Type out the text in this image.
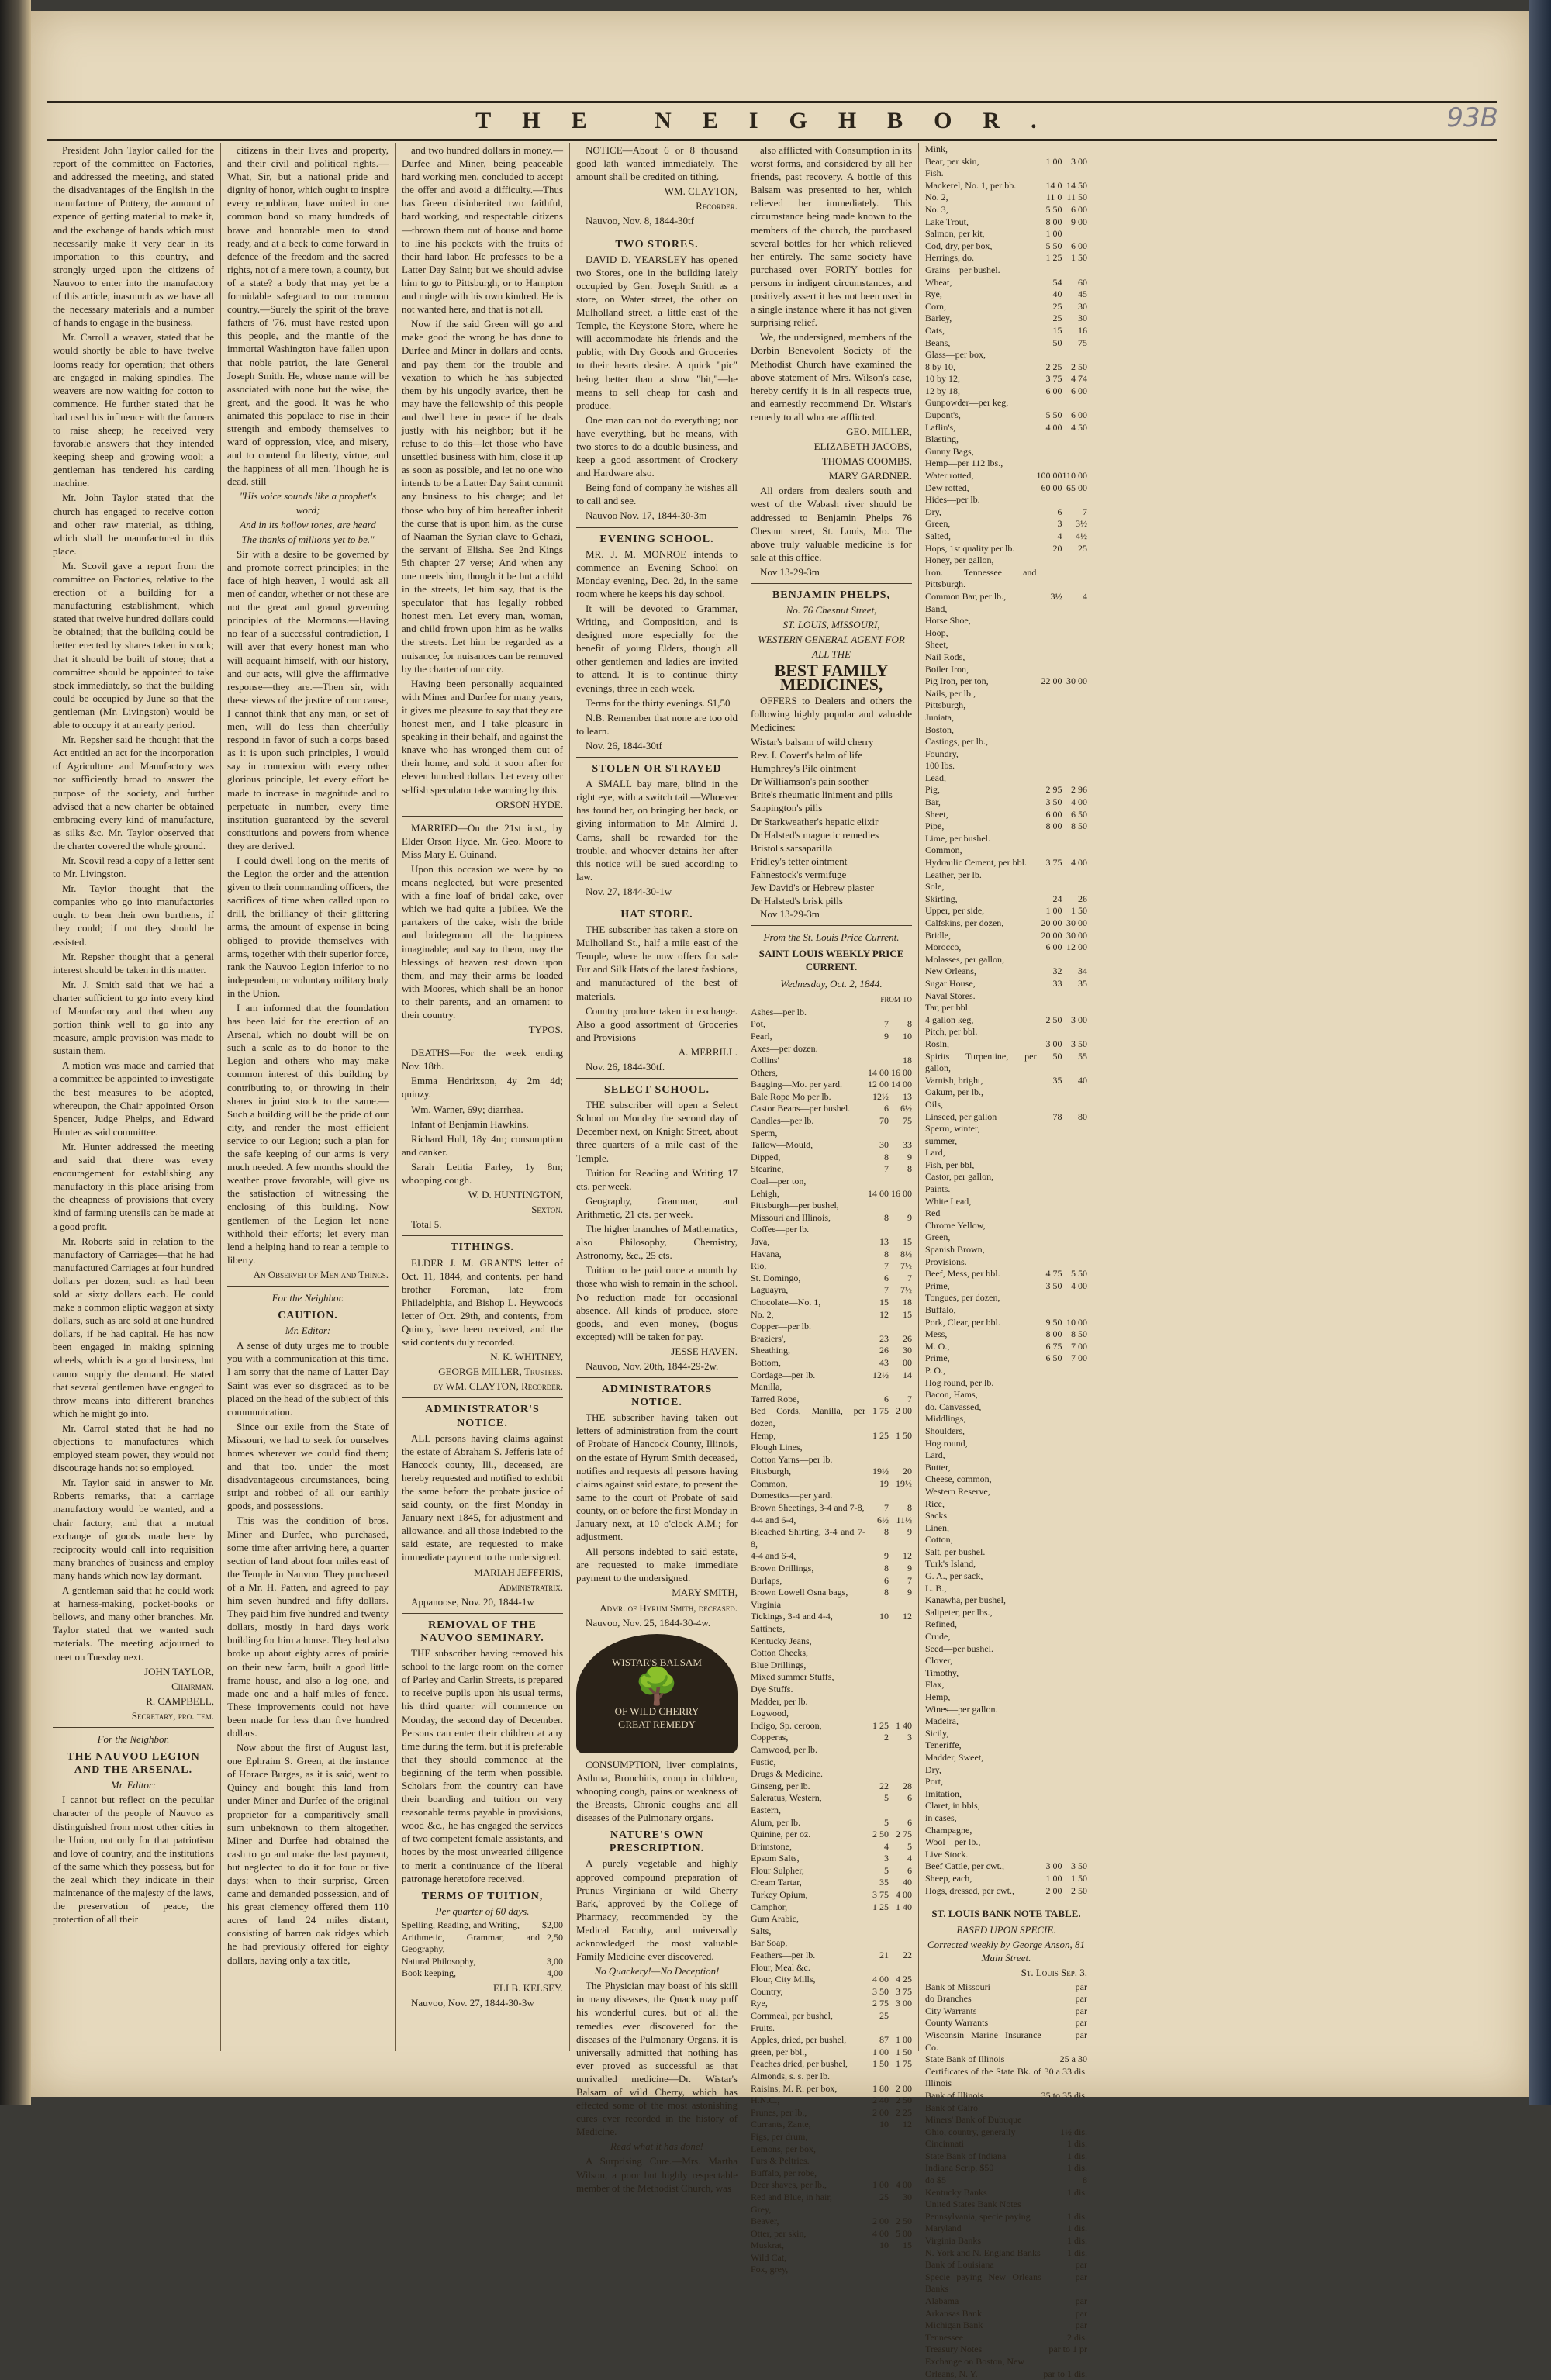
93B
THE NEIGHBOR.

President John Taylor called for the report of the committee on Factories, and addressed the meeting, and stated the disadvantages of the English in the manufacture of Pottery, the amount of expence of getting material to make it, and the exchange of hands which must necessarily make it very dear in its importation to this country, and strongly urged upon the citizens of Nauvoo to enter into the manufactory of this article, inasmuch as we have all the necessary materials and a number of hands to engage in the business.

Mr. Carroll a weaver, stated that he would shortly be able to have twelve looms ready for operation; that others are engaged in making spindles. The weavers are now waiting for cotton to commence. He further stated that he had used his influence with the farmers to raise sheep; he received very favorable answers that they intended keeping sheep and growing wool; a gentleman has tendered his carding machine.

Mr. John Taylor stated that the church has engaged to receive cotton and other raw material, as tithing, which shall be manufactured in this place.

Mr. Scovil gave a report from the committee on Factories, relative to the erection of a building for a manufacturing establishment, which stated that twelve hundred dollars could be obtained; that the building could be better erected by shares taken in stock; that it should be built of stone; that a committee should be appointed to take stock immediately, so that the building could be occupied by June so that the gentleman (Mr. Livingston) would be able to occupy it at an early period.

Mr. Repsher said he thought that the Act entitled an act for the incorporation of Agriculture and Manufactory was not sufficiently broad to answer the purpose of the society, and further advised that a new charter be obtained embracing every kind of manufacture, as silks &c. Mr. Taylor observed that the charter covered the whole ground.

Mr. Scovil read a copy of a letter sent to Mr. Livingston.

Mr. Taylor thought that the companies who go into manufactories ought to bear their own burthens, if they could; if not they should be assisted.

Mr. Repsher thought that a general interest should be taken in this matter.

Mr. J. Smith said that we had a charter sufficient to go into every kind of Manufactory and that when any portion think well to go into any measure, ample provision was made to sustain them.

A motion was made and carried that a committee be appointed to investigate the best measures to be adopted, whereupon, the Chair appointed Orson Spencer, Judge Phelps, and Edward Hunter as said committee.

Mr. Hunter addressed the meeting and said that there was every encouragement for establishing any manufactory in this place arising from the cheapness of provisions that every kind of farming utensils can be made at a good profit.

Mr. Roberts said in relation to the manufactory of Carriages—that he had manufactured Carriages at four hundred dollars per dozen, such as had been sold at sixty dollars each. He could make a common eliptic waggon at sixty dollars, such as are sold at one hundred dollars, if he had capital. He has now been engaged in making spinning wheels, which is a good business, but cannot supply the demand. He stated that several gentlemen have engaged to throw means into different branches which he might go into.

Mr. Carrol stated that he had no objections to manufactures which employed steam power, they would not discourage hands not so employed.

Mr. Taylor said in answer to Mr. Roberts remarks, that a carriage manufactory would be wanted, and a chair factory, and that a mutual exchange of goods made here by reciprocity would call into requisition many branches of business and employ many hands which now lay dormant.

A gentleman said that he could work at harness-making, pocket-books or bellows, and many other branches. Mr. Taylor stated that we wanted such materials. The meeting adjourned to meet on Tuesday next.

JOHN TAYLOR,
Chairman.
R. CAMPBELL,
Secretary, pro. tem.
For the Neighbor.
THE NAUVOO LEGION AND THE ARSENAL.
Mr. Editor:

I cannot but reflect on the peculiar character of the people of Nauvoo as distinguished from most other cities in the Union, not only for that patriotism and love of country, and the institutions of the same which they possess, but for the zeal which they indicate in their maintenance of the majesty of the laws, the preservation of peace, the protection of all their

citizens in their lives and property, and their civil and political rights.—What, Sir, but a national pride and dignity of honor, which ought to inspire every republican, have united in one common bond so many hundreds of brave and honorable men to stand ready, and at a beck to come forward in defence of the freedom and the sacred rights, not of a mere town, a county, but of a state? a body that may yet be a formidable safeguard to our common country.—Surely the spirit of the brave fathers of '76, must have rested upon this people, and the mantle of the immortal Washington have fallen upon that noble patriot, the late General Joseph Smith. He, whose name will be associated with none but the wise, the great, and the good. It was he who animated this populace to rise in their strength and embody themselves to ward of oppression, vice, and misery, and to contend for liberty, virtue, and the happiness of all men. Though he is dead, still

"His voice sounds like a prophet's word;
And in its hollow tones, are heard
The thanks of millions yet to be."

Sir with a desire to be governed by and promote correct principles; in the face of high heaven, I would ask all men of candor, whether or not these are not the great and grand governing principles of the Mormons.—Having no fear of a successful contradiction, I will aver that every honest man who will acquaint himself, with our history, and our acts, will give the affirmative response—they are.—Then sir, with these views of the justice of our cause, I cannot think that any man, or set of men, will do less than cheerfully respond in favor of such a corps based as it is upon such principles, I would say in connexion with every other glorious principle, let every effort be made to increase in magnitude and to perpetuate in number, every time institution guaranteed by the several constitutions and powers from whence they are derived.

I could dwell long on the merits of the Legion the order and the attention given to their commanding officers, the sacrifices of time when called upon to drill, the brilliancy of their glittering arms, the amount of expense in being obliged to provide themselves with arms, together with their superior force, rank the Nauvoo Legion inferior to no independent, or voluntary military body in the Union.

I am informed that the foundation has been laid for the erection of an Arsenal, which no doubt will be on such a scale as to do honor to the Legion and others who may make common interest of this building by contributing to, or throwing in their shares in joint stock to the same.—Such a building will be the pride of our city, and render the most efficient service to our Legion; such a plan for the safe keeping of our arms is very much needed. A few months should the weather prove favorable, will give us the satisfaction of witnessing the enclosing of this building. Now gentlemen of the Legion let none withhold their efforts; let every man lend a helping hand to rear a temple to liberty.

An Observer of Men and Things.
For the Neighbor.
CAUTION.
Mr. Editor:

A sense of duty urges me to trouble you with a communication at this time. I am sorry that the name of Latter Day Saint was ever so disgraced as to be placed on the head of the subject of this communication.

Since our exile from the State of Missouri, we had to seek for ourselves homes wherever we could find them; and that too, under the most disadvantageous circumstances, being stript and robbed of all our earthly goods, and possessions.

This was the condition of bros. Miner and Durfee, who purchased, some time after arriving here, a quarter section of land about four miles east of the Temple in Nauvoo. They purchased of a Mr. H. Patten, and agreed to pay him seven hundred and fifty dollars. They paid him five hundred and twenty dollars, mostly in hard days work building for him a house. They had also broke up about eighty acres of prairie on their new farm, built a good little frame house, and also a log one, and made one and a half miles of fence. These improvements could not have been made for less than five hundred dollars.

Now about the first of August last, one Ephraim S. Green, at the instance of Horace Burges, as it is said, went to Quincy and bought this land from under Miner and Durfee of the original proprietor for a comparitively small sum unbeknown to them altogether. Miner and Durfee had obtained the cash to go and make the last payment, but neglected to do it for four or five days: when to their surprise, Green came and demanded possession, and of his great clemency offered them 110 acres of land 24 miles distant, consisting of barren oak ridges which he had previously offered for eighty dollars, having only a tax title,

and two hundred dollars in money.—Durfee and Miner, being peaceable hard working men, concluded to accept the offer and avoid a difficulty.—Thus has Green disinherited two faithful, hard working, and respectable citizens—thrown them out of house and home to line his pockets with the fruits of their hard labor. He professes to be a Latter Day Saint; but we should advise him to go to Pittsburgh, or to Hampton and mingle with his own kindred. He is not wanted here, and that is not all.

Now if the said Green will go and make good the wrong he has done to Durfee and Miner in dollars and cents, and pay them for the trouble and vexation to which he has subjected them by his ungodly avarice, then he may have the fellowship of this people and dwell here in peace if he deals justly with his neighbor; but if he refuse to do this—let those who have unsettled business with him, close it up as soon as possible, and let no one who intends to be a Latter Day Saint commit any business to his charge; and let those who buy of him hereafter inherit the curse that is upon him, as the curse of Naaman the Syrian clave to Gehazi, the servant of Elisha. See 2nd Kings 5th chapter 27 verse; And when any one meets him, though it be but a child in the streets, let him say, that is the speculator that has legally robbed honest men. Let every man, woman, and child frown upon him as he walks the streets. Let him be regarded as a nuisance; for nuisances can be removed by the charter of our city.

Having been personally acquainted with Miner and Durfee for many years, it gives me pleasure to say that they are honest men, and I take pleasure in speaking in their behalf, and against the knave who has wronged them out of their home, and sold it soon after for eleven hundred dollars. Let every other selfish speculator take warning by this.

ORSON HYDE.

MARRIED—On the 21st inst., by Elder Orson Hyde, Mr. Geo. Moore to Miss Mary E. Guinand.

Upon this occasion we were by no means neglected, but were presented with a fine loaf of bridal cake, over which we had quite a jubilee. We the partakers of the cake, wish the bride and bridegroom all the happiness imaginable; and say to them, may the blessings of heaven rest down upon them, and may their arms be loaded with Moores, which shall be an honor to their parents, and an ornament to their country.

TYPOS.

DEATHS—For the week ending Nov. 18th.

Emma Hendrixson, 4y 2m 4d; quinzy.

Wm. Warner, 69y; diarrhea.

Infant of Benjamin Hawkins.

Richard Hull, 18y 4m; consumption and canker.

Sarah Letitia Farley, 1y 8m; whooping cough.

W. D. HUNTINGTON,
Sexton.

Total 5.

TITHINGS.

ELDER J. M. GRANT'S letter of Oct. 11, 1844, and contents, per hand brother Foreman, late from Philadelphia, and Bishop L. Heywoods letter of Oct. 29th, and contents, from Quincy, have been received, and the said contents duly recorded.

N. K. WHITNEY,
GEORGE MILLER, Trustees.
by WM. CLAYTON, Recorder.
ADMINISTRATOR'S NOTICE.

ALL persons having claims against the estate of Abraham S. Jefferis late of Hancock county, Ill., deceased, are hereby requested and notified to exhibit the same before the probate justice of said county, on the first Monday in January next 1845, for adjustment and allowance, and all those indebted to the said estate, are requested to make immediate payment to the undersigned.

MARIAH JEFFERIS,
Administratrix.

Appanoose, Nov. 20, 1844-1w

REMOVAL OF THE NAUVOO SEMINARY.

THE subscriber having removed his school to the large room on the corner of Parley and Carlin Streets, is prepared to receive pupils upon his usual terms, his third quarter will commence on Monday, the second day of December. Persons can enter their children at any time during the term, but it is preferable that they should commence at the beginning of the term when possible. Scholars from the country can have their boarding and tuition on very reasonable terms payable in provisions, wood &c., he has engaged the services of two competent female assistants, and hopes by the most unwearied diligence to merit a continuance of the liberal patronage heretofore received.

TERMS OF TUITION,
Per quarter of 60 days.
Spelling, Reading, and Writing,	$2,00
Arithmetic, Grammar, and Geography,	2,50
Natural Philosophy,	3,00
Book keeping,	4,00
ELI B. KELSEY.

Nauvoo, Nov. 27, 1844-30-3w

NOTICE—About 6 or 8 thousand good lath wanted immediately. The amount shall be credited on tithing.

WM. CLAYTON,
Recorder.

Nauvoo, Nov. 8, 1844-30tf

TWO STORES.

DAVID D. YEARSLEY has opened two Stores, one in the building lately occupied by Gen. Joseph Smith as a store, on Water street, the other on Mulholland street, a little east of the Temple, the Keystone Store, where he will accommodate his friends and the public, with Dry Goods and Groceries to their hearts desire. A quick "pic" being better than a slow "bit,"—he means to sell cheap for cash and produce.

One man can not do everything; nor have everything, but he means, with two stores to do a double business, and keep a good assortment of Crockery and Hardware also.

Being fond of company he wishes all to call and see.

Nauvoo Nov. 17, 1844-30-3m

EVENING SCHOOL.

MR. J. M. MONROE intends to commence an Evening School on Monday evening, Dec. 2d, in the same room where he keeps his day school.

It will be devoted to Grammar, Writing, and Composition, and is designed more especially for the benefit of young Elders, though all other gentlemen and ladies are invited to attend. It is to continue thirty evenings, three in each week.

Terms for the thirty evenings. $1,50

N.B. Remember that none are too old to learn.

Nov. 26, 1844-30tf

STOLEN OR STRAYED

A SMALL bay mare, blind in the right eye, with a switch tail.—Whoever has found her, on bringing her back, or giving information to Mr. Almird J. Carns, shall be rewarded for the trouble, and whoever detains her after this notice will be sued according to law.

Nov. 27, 1844-30-1w

HAT STORE.

THE subscriber has taken a store on Mulholland St., half a mile east of the Temple, where he now offers for sale Fur and Silk Hats of the latest fashions, and manufactured of the best of materials.

Country produce taken in exchange. Also a good assortment of Groceries and Provisions

A. MERRILL.

Nov. 26, 1844-30tf.

SELECT SCHOOL.

THE subscriber will open a Select School on Monday the second day of December next, on Knight Street, about three quarters of a mile east of the Temple.

Tuition for Reading and Writing 17 cts. per week.

Geography, Grammar, and Arithmetic, 21 cts. per week.

The higher branches of Mathematics, also Philosophy, Chemistry, Astronomy, &c., 25 cts.

Tuition to be paid once a month by those who wish to remain in the school. No reduction made for occasional absence. All kinds of produce, store goods, and even money, (bogus excepted) will be taken for pay.

JESSE HAVEN.

Nauvoo, Nov. 20th, 1844-29-2w.

ADMINISTRATORS NOTICE.

THE subscriber having taken out letters of administration from the court of Probate of Hancock County, Illinois, on the estate of Hyrum Smith deceased, notifies and requests all persons having claims against said estate, to present the same to the court of Probate of said county, on or before the first Monday in January next, at 10 o'clock A.M.; for adjustment.

All persons indebted to said estate, are requested to make immediate payment to the undersigned.

MARY SMITH,
Admr. of Hyrum Smith, deceased.

Nauvoo, Nov. 25, 1844-30-4w.

WISTAR'S BALSAM
🌳
OF WILD CHERRY
GREAT REMEDY

CONSUMPTION, liver complaints, Asthma, Bronchitis, croup in children, whooping cough, pains or weakness of the Breasts, Chronic coughs and all diseases of the Pulmonary organs.

NATURE'S OWN PRESCRIPTION.

A purely vegetable and highly approved compound preparation of Prunus Virginiana or 'wild Cherry Bark,' approved by the College of Pharmacy, recommended by the Medical Faculty, and universally acknowledged the most valuable Family Medicine ever discovered.

No Quackery!—No Deception!

The Physician may boast of his skill in many diseases, the Quack may puff his wonderful cures, but of all the remedies ever discovered for the diseases of the Pulmonary Organs, it is universally admitted that nothing has ever proved as successful as that unrivalled medicine—Dr. Wistar's Balsam of wild Cherry, which has effected some of the most astonishing cures ever recorded in the history of Medicine.

Read what it has done!

A Surprising Cure.—Mrs. Martha Wilson, a poor but highly respectable member of the Methodist Church, was

also afflicted with Consumption in its worst forms, and considered by all her friends, past recovery. A bottle of this Balsam was presented to her, which relieved her immediately. This circumstance being made known to the members of the church, the purchased several bottles for her which relieved her entirely. The same society have purchased over FORTY bottles for persons in indigent circumstances, and positively assert it has not been used in a single instance where it has not given surprising relief.

We, the undersigned, members of the Dorbin Benevolent Society of the Methodist Church have examined the above statement of Mrs. Wilson's case, hereby certify it is in all respects true, and earnestly recommend Dr. Wistar's remedy to all who are afflicted.

GEO. MILLER,
ELIZABETH JACOBS,
THOMAS COOMBS,
MARY GARDNER.

All orders from dealers south and west of the Wabash river should be addressed to Benjamin Phelps 76 Chesnut street, St. Louis, Mo. The above truly valuable medicine is for sale at this office.

Nov 13-29-3m

BENJAMIN PHELPS,
No. 76 Chesnut Street,
ST. LOUIS, MISSOURI,
WESTERN GENERAL AGENT FOR
ALL THE
BEST FAMILY MEDICINES,

OFFERS to Dealers and others the following highly popular and valuable Medicines:

Wistar's balsam of wild cherry
Rev. I. Covert's balm of life
Humphrey's Pile ointment
Dr Williamson's pain soother
Brite's rheumatic liniment and pills
Sappington's pills
Dr Starkweather's hepatic elixir
Dr Halsted's magnetic remedies
Bristol's sarsaparilla
Fridley's tetter ointment
Fahnestock's vermifuge
Jew David's or Hebrew plaster
Dr Halsted's brisk pills

Nov 13-29-3m

From the St. Louis Price Current.
SAINT LOUIS WEEKLY PRICE CURRENT.
Wednesday, Oct. 2, 1844.
from to
Ashes—per lb.		
Pot,	7	8
Pearl,	9	10
Axes—per dozen.		
Collins'		18
Others,	14 00	16 00
Bagging—Mo. per yard.	12 00	14 00
Bale Rope Mo per lb.	12½	13
Castor Beans—per bushel.	6	6½
Candles—per lb.	70	75
Sperm,		
Tallow—Mould,	30	33
Dipped,	8	9
Stearine,	7	8
Coal—per ton,		
Lehigh,	14 00	16 00
Pittsburgh—per bushel,		
Missouri and Illinois,	8	9
Coffee—per lb.		
Java,	13	15
Havana,	8	8½
Rio,	7	7½
St. Domingo,	6	7
Laguayra,	7	7½
Chocolate—No. 1,	15	18
No. 2,	12	15
Copper—per lb.		
Braziers',	23	26
Sheathing,	26	30
Bottom,	43	00
Cordage—per lb.	12½	14
Manilla,		
Tarred Rope,	6	7
Bed Cords, Manilla, per dozen,	1 75	2 00
Hemp,	1 25	1 50
Plough Lines,		
Cotton Yarns—per lb.		
Pittsburgh,	19½	20
Common,	19	19½
Domestics—per yard.		
Brown Sheetings, 3-4 and 7-8,	7	8
4-4 and 6-4,	6½	11½
Bleached Shirting, 3-4 and 7-8,	8	9
4-4 and 6-4,	9	12
Brown Drillings,	8	9
Burlaps,	6	7
Brown Lowell Osna bags,	8	9
Virginia		
Tickings, 3-4 and 4-4,	10	12
Sattinets,		
Kentucky Jeans,		
Cotton Checks,		
Blue Drillings,		
Mixed summer Stuffs,		
Dye Stuffs.		
Madder, per lb.		
Logwood,		
Indigo, Sp. ceroon,	1 25	1 40
Copperas,	2	3
Camwood, per lb.		
Fustic,		
Drugs & Medicine.		
Ginseng, per lb.	22	28
Saleratus, Western,	5	6
Eastern,		
Alum, per lb.	5	6
Quinine, per oz.	2 50	2 75
Brimstone,	4	5
Epsom Salts,	3	4
Flour Sulpher,	5	6
Cream Tartar,	35	40
Turkey Opium,	3 75	4 00
Camphor,	1 25	1 40
Gum Arabic,		
Salts,		
Bar Soap,		
Feathers—per lb.	21	22
Flour, Meal &c.		
Flour, City Mills,	4 00	4 25
Country,	3 50	3 75
Rye,	2 75	3 00
Cornmeal, per bushel,	25	
Fruits.		
Apples, dried, per bushel,	87	1 00
green, per bbl.,	1 00	1 50
Peaches dried, per bushel,	1 50	1 75
Almonds, s. s. per lb.		
Raisins, M. R. per box,	1 80	2 00
H.N.C.,	2 40	2 50
Prunes, per lb.,	2 00	2 25
Currants, Zante,	10	12
Figs, per drum,		
Lemons, per box,		
Furs & Peltries.		
Buffalo, per robe,		
Deer shaves, per lb.,	1 00	4 00
Red and Blue, in hair,	25	30
Grey,		
Beaver,	2 00	2 50
Otter, per skin,	4 00	5 00
Muskrat,	10	15
Wild Cat,		
Fox, grey,		
Mink,		
Bear, per skin,	1 00	3 00
Fish.		
Mackerel, No. 1, per bb.	14 0	14 50
No. 2,	11 0	11 50
No. 3,	5 50	6 00
Lake Trout,	8 00	9 00
Salmon, per kit,	1 00	
Cod, dry, per box,	5 50	6 00
Herrings, do.	1 25	1 50
Grains—per bushel.		
Wheat,	54	60
Rye,	40	45
Corn,	25	30
Barley,	25	30
Oats,	15	16
Beans,	50	75
Glass—per box,		
8 by 10,	2 25	2 50
10 by 12,	3 75	4 74
12 by 18,	6 00	6 00
Gunpowder—per keg,		
Dupont's,	5 50	6 00
Laflin's,	4 00	4 50
Blasting,		
Gunny Bags,		
Hemp—per 112 lbs.,		
Water rotted,	100 00	110 00
Dew rotted,	60 00	65 00
Hides—per lb.		
Dry,	6	7
Green,	3	3½
Salted,	4	4½
Hops, 1st quality per lb.	20	25
Honey, per gallon,		
Iron. Tennessee and Pittsburgh.		
Common Bar, per lb.,	3½	4
Band,		
Horse Shoe,		
Hoop,		
Sheet,		
Nail Rods,		
Boiler Iron,		
Pig Iron, per ton,	22 00	30 00
Nails, per lb.,		
Pittsburgh,		
Juniata,		
Boston,		
Castings, per lb.,		
Foundry,		
100 lbs.		
Lead,		
Pig,	2 95	2 96
Bar,	3 50	4 00
Sheet,	6 00	6 50
Pipe,	8 00	8 50
Lime, per bushel.		
Common,		
Hydraulic Cement, per bbl.	3 75	4 00
Leather, per lb.		
Sole,		
Skirting,	24	26
Upper, per side,	1 00	1 50
Calfskins, per dozen,	20 00	30 00
Bridle,	20 00	30 00
Morocco,	6 00	12 00
Molasses, per gallon,		
New Orleans,	32	34
Sugar House,	33	35
Naval Stores.		
Tar, per bbl.		
4 gallon keg,	2 50	3 00
Pitch, per bbl.		
Rosin,	3 00	3 50
Spirits Turpentine, per gallon,	50	55
Varnish, bright,	35	40
Oakum, per lb.,		
Oils,		
Linseed, per gallon	78	80
Sperm, winter,		
summer,		
Lard,		
Fish, per bbl,		
Castor, per gallon,		
Paints.		
White Lead,		
Red		
Chrome Yellow,		
Green,		
Spanish Brown,		
Provisions.		
Beef, Mess, per bbl.	4 75	5 50
Prime,	3 50	4 00
Tongues, per dozen,		
Buffalo,		
Pork, Clear, per bbl.	9 50	10 00
Mess,	8 00	8 50
M. O.,	6 75	7 00
Prime,	6 50	7 00
P. O.,		
Hog round, per lb.		
Bacon, Hams,		
do. Canvassed,		
Middlings,		
Shoulders,		
Hog round,		
Lard,		
Butter,		
Cheese, common,		
Western Reserve,		
Rice,		
Sacks.		
Linen,		
Cotton,		
Salt, per bushel.		
Turk's Island,		
G. A., per sack,		
L. B.,		
Kanawha, per bushel,		
Saltpeter, per lbs.,		
Refined,		
Crude,		
Seed—per bushel.		
Clover,		
Timothy,		
Flax,		
Hemp,		
Wines—per gallon.		
Madeira,		
Sicily,		
Teneriffe,		
Madder, Sweet,		
Dry,		
Port,		
Imitation,		
Claret, in bbls,		
in cases,		
Champagne,		
Wool—per lb.,		
Live Stock.		
Beef Cattle, per cwt.,	3 00	3 50
Sheep, each,	1 00	1 50
Hogs, dressed, per cwt.,	2 00	2 50
ST. LOUIS BANK NOTE TABLE.
BASED UPON SPECIE.
Corrected weekly by George Anson, 81 Main Street.
St. Louis Sep. 3.
Bank of Missouri	par
do Branches	par
City Warrants	par
County Warrants	par
Wisconsin Marine Insurance Co.	par
State Bank of Illinois	25 a 30
Certificates of the State Bk. of Illinois	30 a 33 dis.
Bank of Illinois	35 to 35 dis.
Bank of Cairo	
Miners' Bank of Dubuque	
Ohio, country, generally	1½ dis.
Cincinnati	1 dis.
State Bank of Indiana	1 dis.
Indiana Scrip, $50	1 dis.
do $5	8
Kentucky Banks	1 dis.
United States Bank Notes	
Pennsylvania, specie paying	1 dis.
Maryland	1 dis.
Virginia Banks	1 dis.
N. York and N. England Banks	1 dis.
Bank of Louisiana	par
Specie paying New Orleans Banks	par
Alabama	par
Arkansas Bank	par
Michigan Bank	par
Tennessee	2 dis.
Treasury Notes	par to 1 pr
Exchange on Boston, New	
Orleans, N. Y.	par to 1 dis.
